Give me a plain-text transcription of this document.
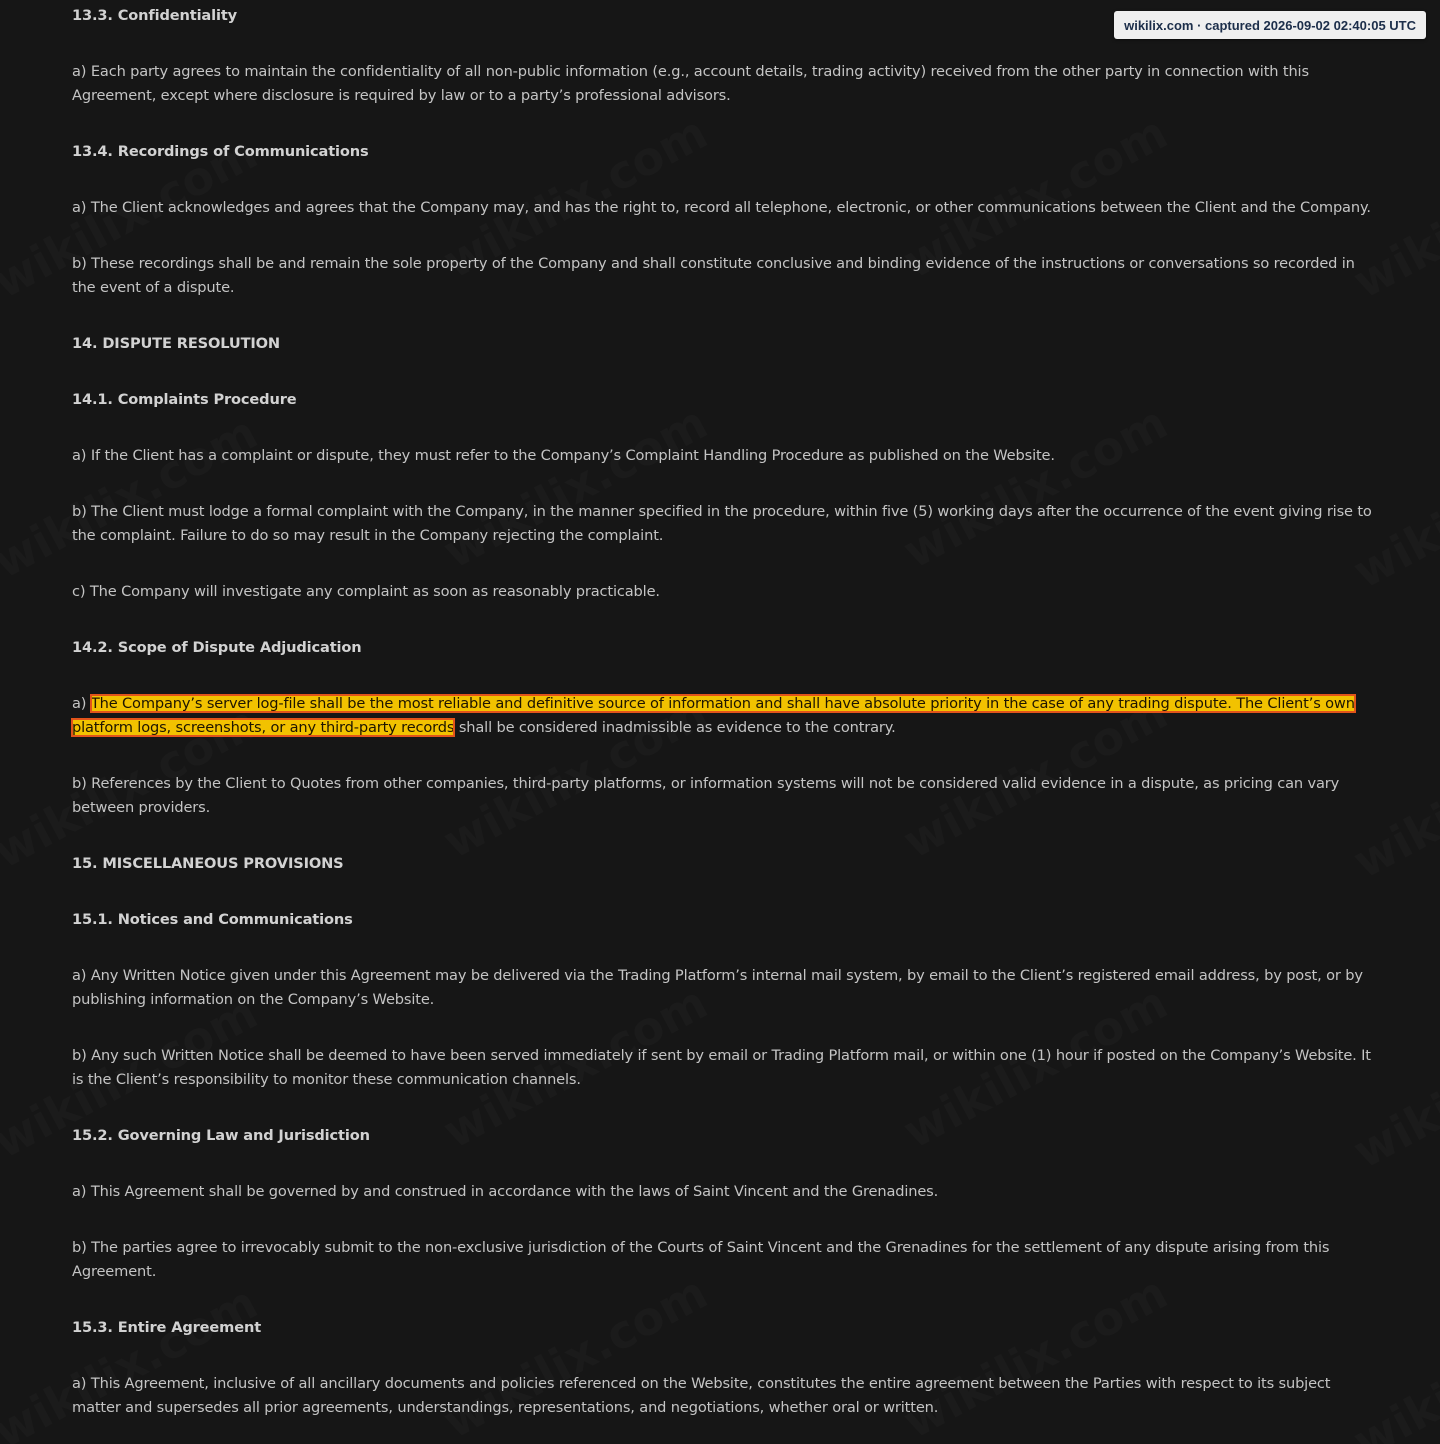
wikilix.com · captured 2026-09-02 02:40:05 UTC
13.3. Confidentiality
a) Each party agrees to maintain the confidentiality of all non-public information (e.g., account details, trading activity) received from the other party in connection with this Agreement, except where disclosure is required by law or to a party’s professional advisors.
13.4. Recordings of Communications
a) The Client acknowledges and agrees that the Company may, and has the right to, record all telephone, electronic, or other communications between the Client and the Company.
b) These recordings shall be and remain the sole property of the Company and shall constitute conclusive and binding evidence of the instructions or conversations so recorded in the event of a dispute.
14. DISPUTE RESOLUTION
14.1. Complaints Procedure
a) If the Client has a complaint or dispute, they must refer to the Company’s Complaint Handling Procedure as published on the Website.
b) The Client must lodge a formal complaint with the Company, in the manner specified in the procedure, within five (5) working days after the occurrence of the event giving rise to the complaint. Failure to do so may result in the Company rejecting the complaint.
c) The Company will investigate any complaint as soon as reasonably practicable.
14.2. Scope of Dispute Adjudication
a) The Company’s server log-file shall be the most reliable and definitive source of information and shall have absolute priority in the case of any trading dispute. The Client’s own platform logs, screenshots, or any third-party records shall be considered inadmissible as evidence to the contrary.
b) References by the Client to Quotes from other companies, third-party platforms, or information systems will not be considered valid evidence in a dispute, as pricing can vary between providers.
15. MISCELLANEOUS PROVISIONS
15.1. Notices and Communications
a) Any Written Notice given under this Agreement may be delivered via the Trading Platform’s internal mail system, by email to the Client’s registered email address, by post, or by publishing information on the Company’s Website.
b) Any such Written Notice shall be deemed to have been served immediately if sent by email or Trading Platform mail, or within one (1) hour if posted on the Company’s Website. It is the Client’s responsibility to monitor these communication channels.
15.2. Governing Law and Jurisdiction
a) This Agreement shall be governed by and construed in accordance with the laws of Saint Vincent and the Grenadines.
b) The parties agree to irrevocably submit to the non-exclusive jurisdiction of the Courts of Saint Vincent and the Grenadines for the settlement of any dispute arising from this Agreement.
15.3. Entire Agreement
a) This Agreement, inclusive of all ancillary documents and policies referenced on the Website, constitutes the entire agreement between the Parties with respect to its subject matter and supersedes all prior agreements, understandings, representations, and negotiations, whether oral or written.
